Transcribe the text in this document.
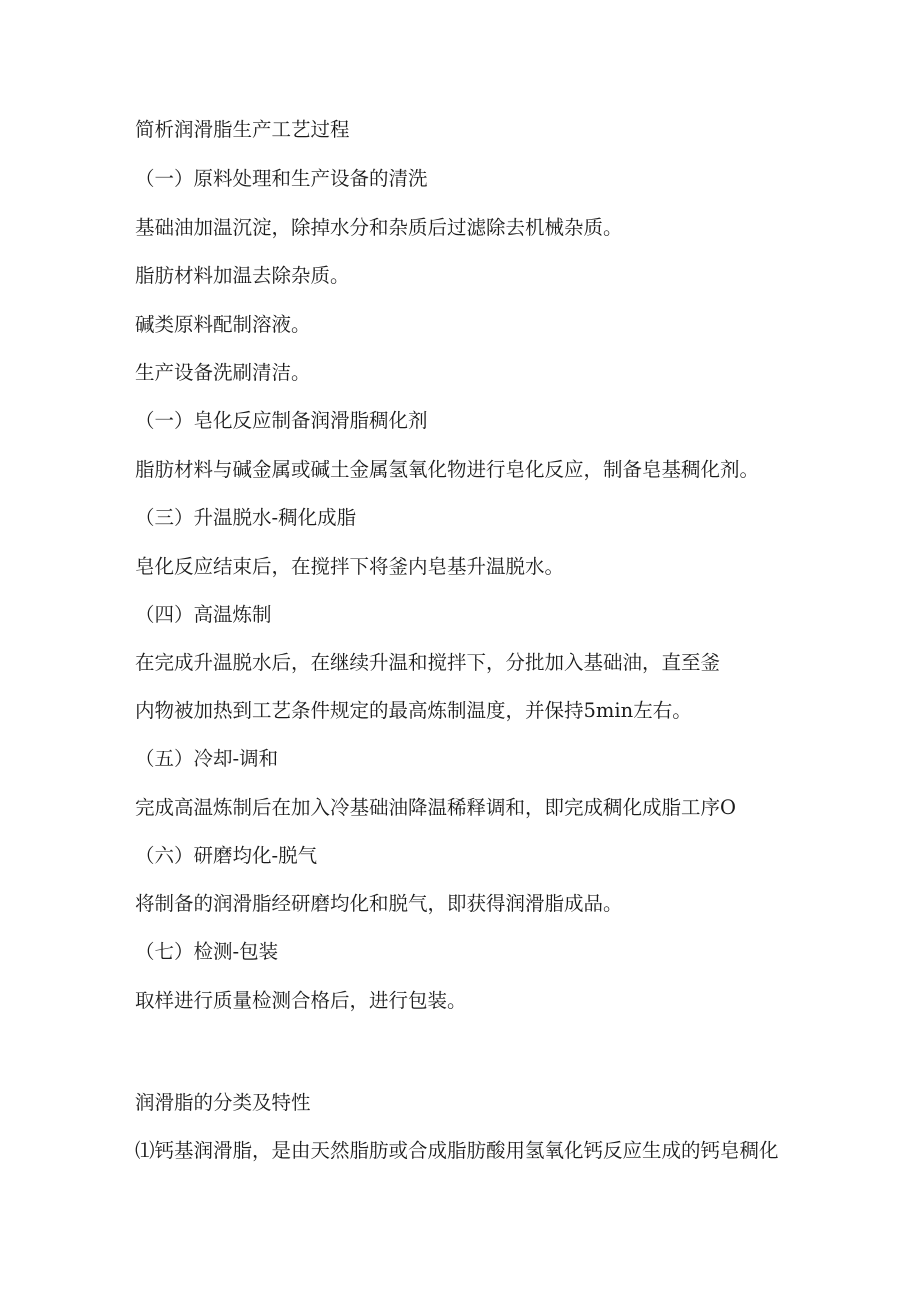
简析润滑脂生产工艺过程
（一）原料处理和生产设备的清洗
基础油加温沉淀，除掉水分和杂质后过滤除去机械杂质。
脂肪材料加温去除杂质。
碱类原料配制溶液。
生产设备洗刷清洁。
（一）皂化反应制备润滑脂稠化剂
脂肪材料与碱金属或碱土金属氢氧化物进行皂化反应，制备皂基稠化剂。
（三）升温脱水-稠化成脂
皂化反应结束后，在搅拌下将釜内皂基升温脱水。
（四）高温炼制
在完成升温脱水后，在继续升温和搅拌下，分批加入基础油，直至釜
内物被加热到工艺条件规定的最高炼制温度，并保持5min左右。
（五）冷却-调和
完成高温炼制后在加入冷基础油降温稀释调和，即完成稠化成脂工序O
（六）研磨均化-脱气
将制备的润滑脂经研磨均化和脱气，即获得润滑脂成品。
（七）检测-包装
取样进行质量检测合格后，进行包装。
润滑脂的分类及特性
⑴钙基润滑脂，是由天然脂肪或合成脂肪酸用氢氧化钙反应生成的钙皂稠化
